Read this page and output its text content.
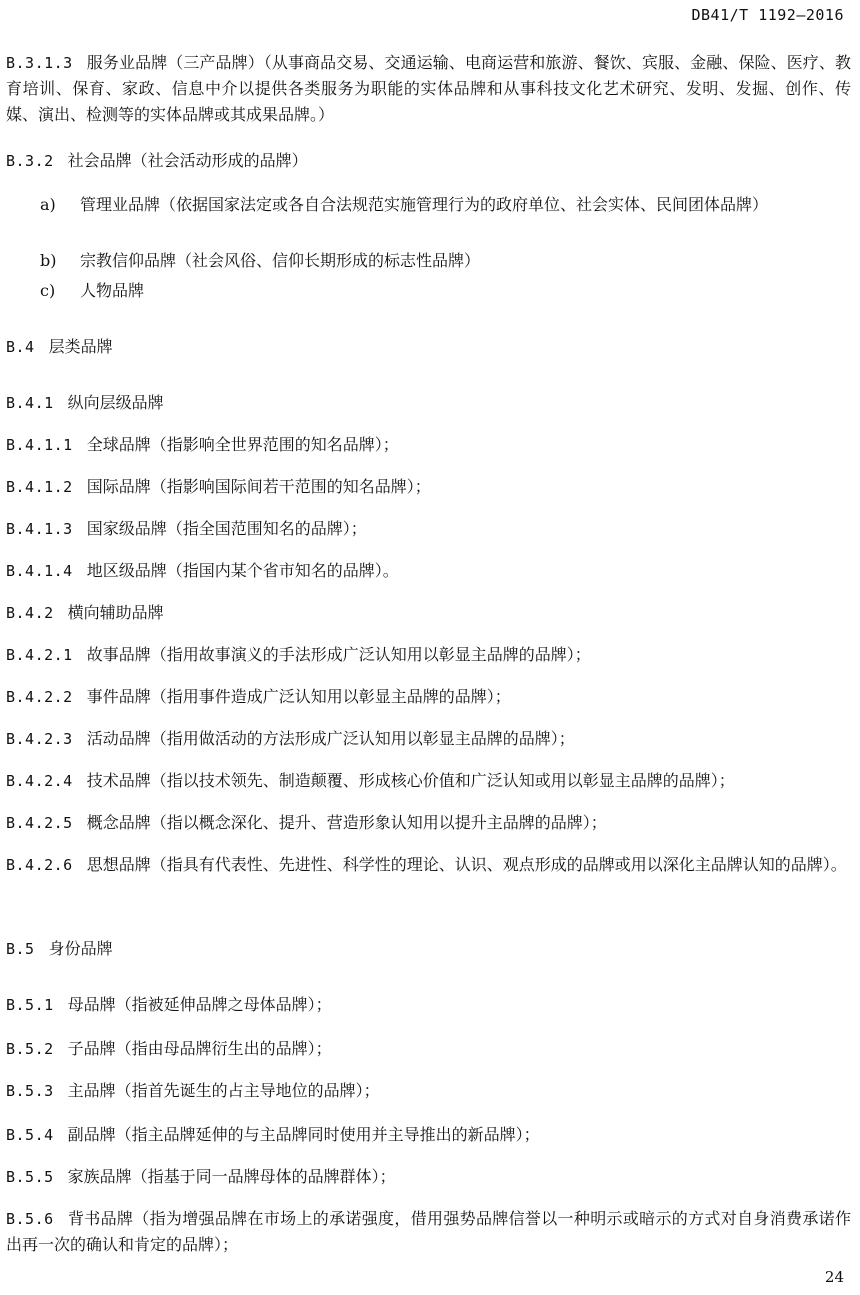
DB41/T 1192—2016
B.3.1.3 服务业品牌（三产品牌）（从事商品交易、交通运输、电商运营和旅游、餐饮、宾服、金融、保险、医疗、教育培训、保育、家政、信息中介以提供各类服务为职能的实体品牌和从事科技文化艺术研究、发明、发掘、创作、传媒、演出、检测等的实体品牌或其成果品牌。）
B.3.2 社会品牌（社会活动形成的品牌）
a)	管理业品牌（依据国家法定或各自合法规范实施管理行为的政府单位、社会实体、民间团体品牌）
b)	宗教信仰品牌（社会风俗、信仰长期形成的标志性品牌）
c)	人物品牌
B.4 层类品牌
B.4.1 纵向层级品牌
B.4.1.1 全球品牌（指影响全世界范围的知名品牌）；
B.4.1.2 国际品牌（指影响国际间若干范围的知名品牌）；
B.4.1.3 国家级品牌（指全国范围知名的品牌）；
B.4.1.4 地区级品牌（指国内某个省市知名的品牌）。
B.4.2 横向辅助品牌
B.4.2.1 故事品牌（指用故事演义的手法形成广泛认知用以彰显主品牌的品牌）；
B.4.2.2 事件品牌（指用事件造成广泛认知用以彰显主品牌的品牌）；
B.4.2.3 活动品牌（指用做活动的方法形成广泛认知用以彰显主品牌的品牌）；
B.4.2.4 技术品牌（指以技术领先、制造颠覆、形成核心价值和广泛认知或用以彰显主品牌的品牌）；
B.4.2.5 概念品牌（指以概念深化、提升、营造形象认知用以提升主品牌的品牌）；
B.4.2.6 思想品牌（指具有代表性、先进性、科学性的理论、认识、观点形成的品牌或用以深化主品牌认知的品牌）。
B.5 身份品牌
B.5.1 母品牌（指被延伸品牌之母体品牌）；
B.5.2 子品牌（指由母品牌衍生出的品牌）；
B.5.3 主品牌（指首先诞生的占主导地位的品牌）；
B.5.4 副品牌（指主品牌延伸的与主品牌同时使用并主导推出的新品牌）；
B.5.5 家族品牌（指基于同一品牌母体的品牌群体）；
B.5.6 背书品牌（指为增强品牌在市场上的承诺强度，借用强势品牌信誉以一种明示或暗示的方式对自身消费承诺作出再一次的确认和肯定的品牌）；
24
